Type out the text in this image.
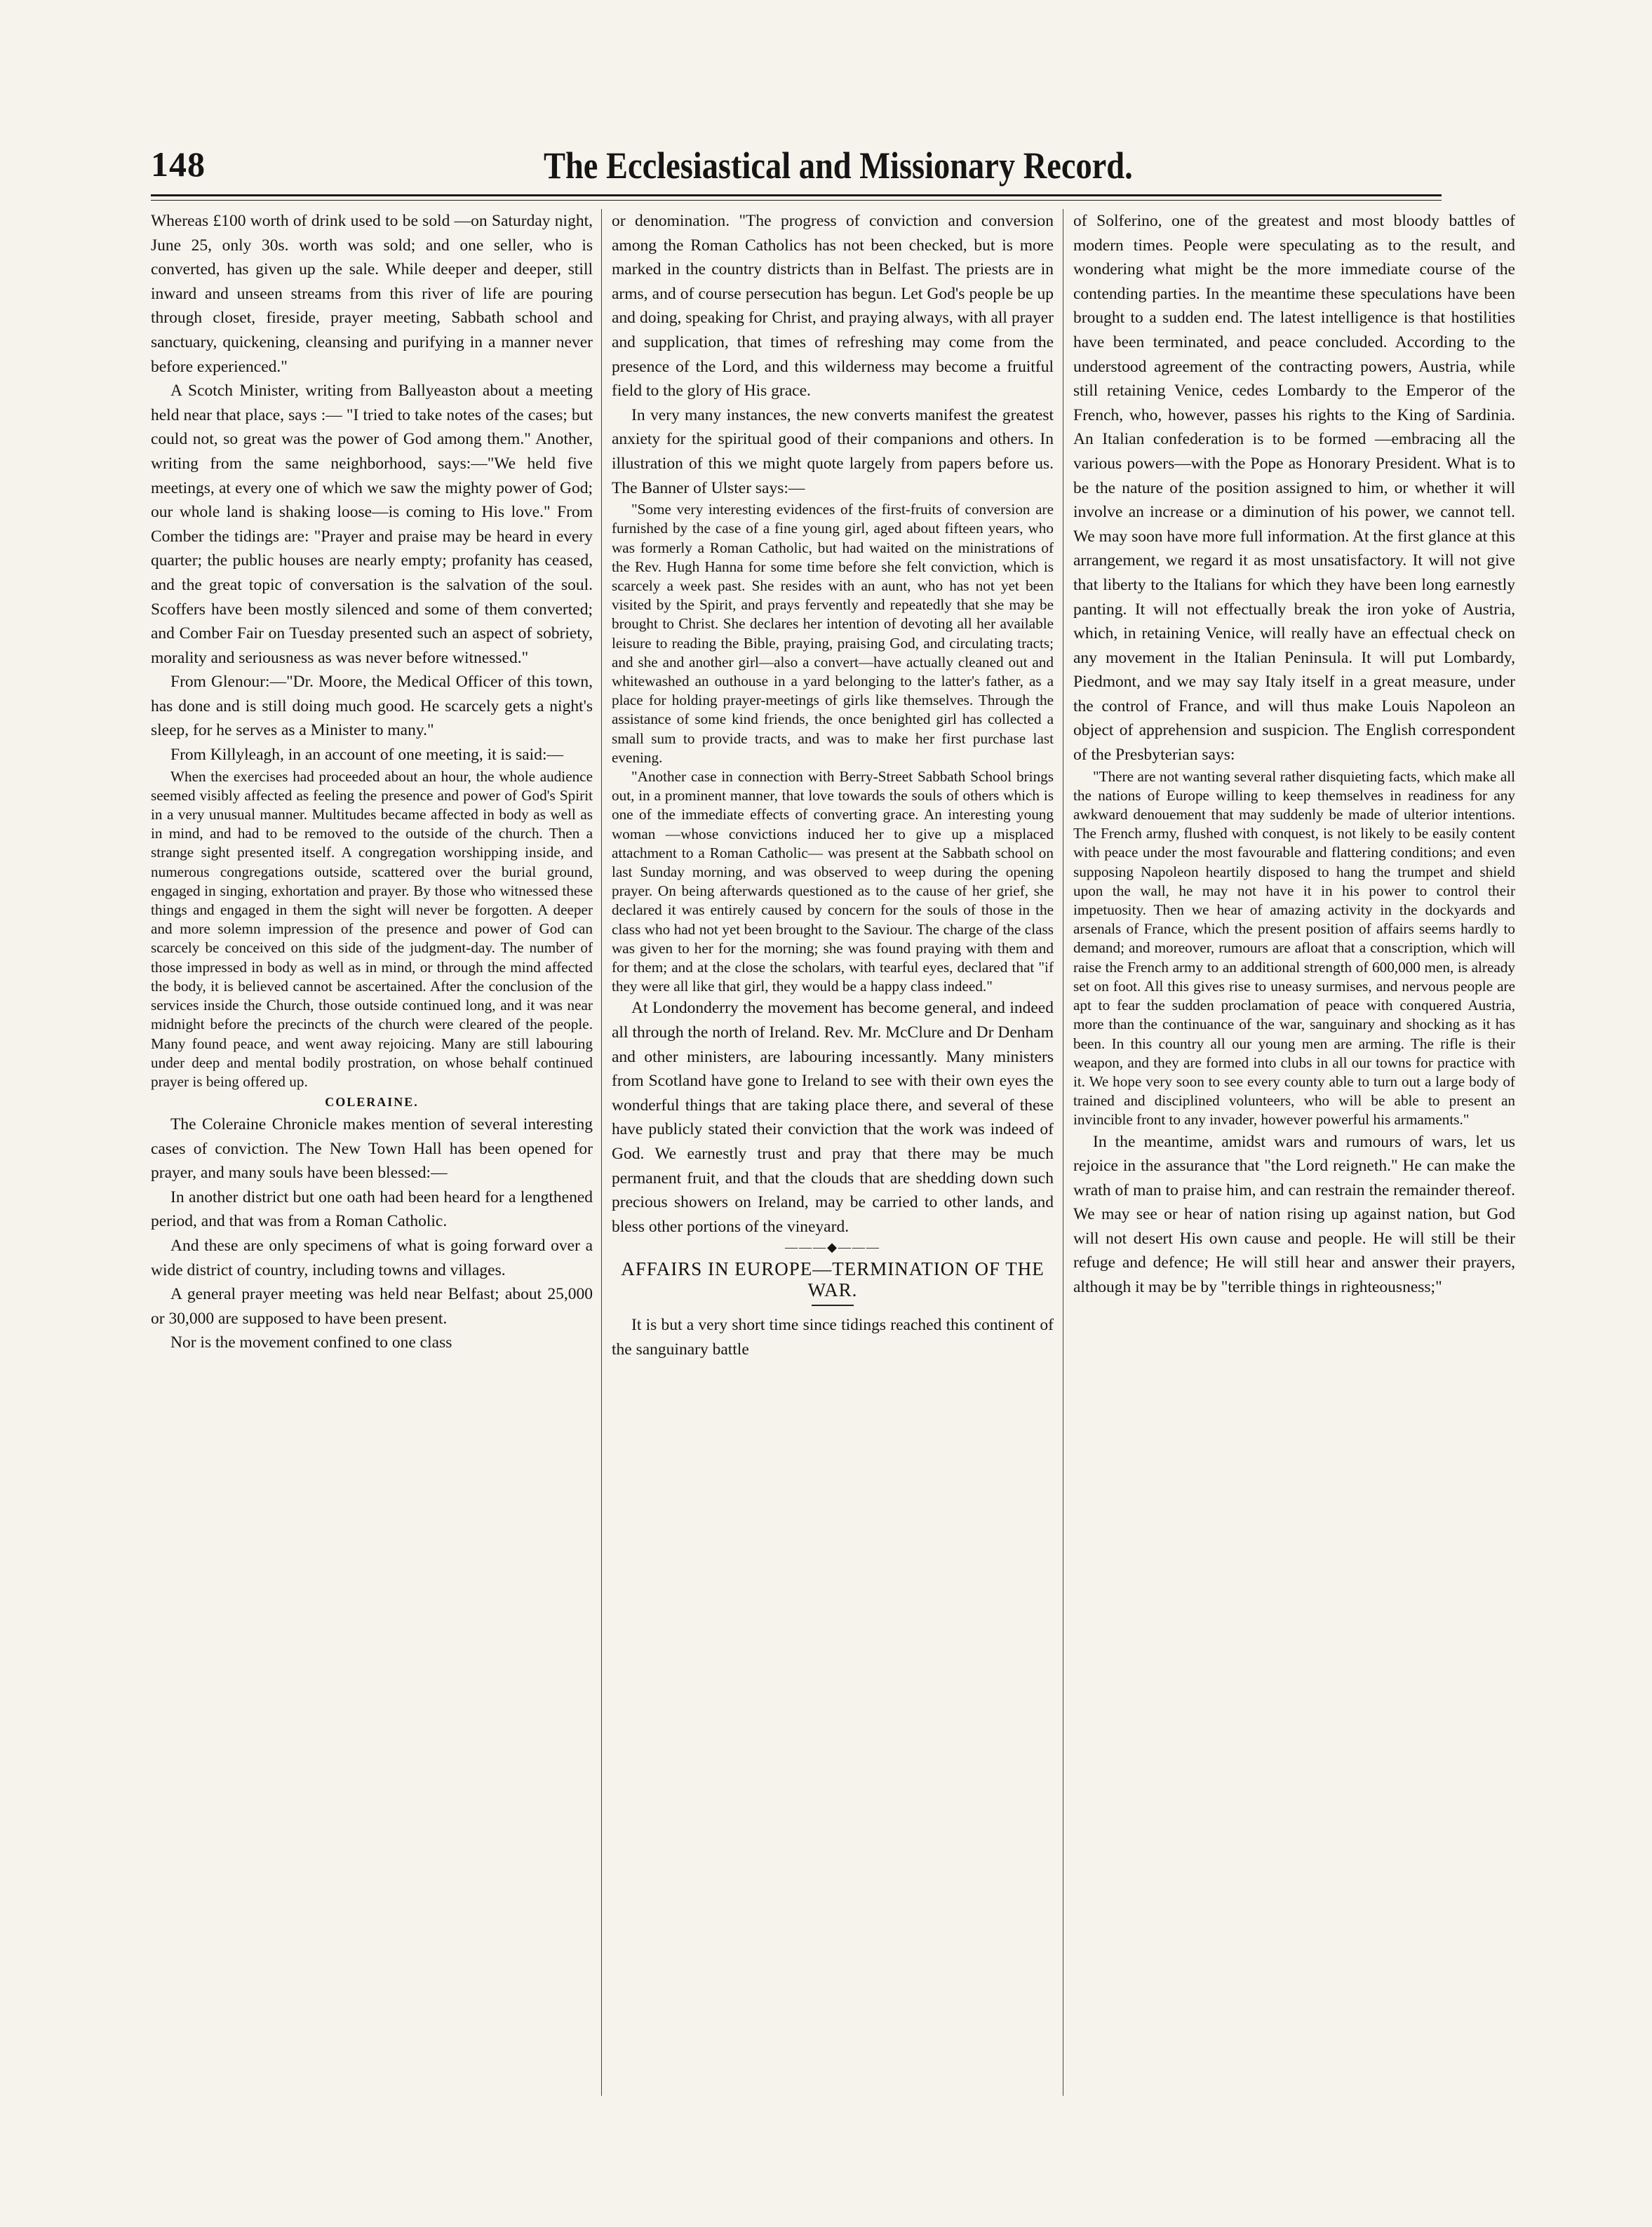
148	The Ecclesiastical and Missionary Record.

Whereas £100 worth of drink used to be sold —on Saturday night, June 25, only 30s. worth was sold; and one seller, who is converted, has given up the sale. While deeper and deeper, still inward and unseen streams from this river of life are pouring through closet, fireside, prayer meeting, Sabbath school and sanctuary, quickening, cleansing and purifying in a manner never before experienced."

A Scotch Minister, writing from Ballyeaston about a meeting held near that place, says :— "I tried to take notes of the cases; but could not, so great was the power of God among them." Another, writing from the same neighborhood, says:—"We held five meetings, at every one of which we saw the mighty power of God; our whole land is shaking loose—is coming to His love." From Comber the tidings are: "Prayer and praise may be heard in every quarter; the public houses are nearly empty; profanity has ceased, and the great topic of conversation is the salvation of the soul. Scoffers have been mostly silenced and some of them converted; and Comber Fair on Tuesday presented such an aspect of sobriety, morality and seriousness as was never before witnessed."

From Glenour:—"Dr. Moore, the Medical Officer of this town, has done and is still doing much good. He scarcely gets a night's sleep, for he serves as a Minister to many."

From Killyleagh, in an account of one meeting, it is said:—

When the exercises had proceeded about an hour, the whole audience seemed visibly affected as feeling the presence and power of God's Spirit in a very unusual manner. Multitudes became affected in body as well as in mind, and had to be removed to the outside of the church. Then a strange sight presented itself. A congregation worshipping inside, and numerous congregations outside, scattered over the burial ground, engaged in singing, exhortation and prayer. By those who witnessed these things and engaged in them the sight will never be forgotten. A deeper and more solemn impression of the presence and power of God can scarcely be conceived on this side of the judgment-day. The number of those impressed in body as well as in mind, or through the mind affected the body, it is believed cannot be ascertained. After the conclusion of the services inside the Church, those outside continued long, and it was near midnight before the precincts of the church were cleared of the people. Many found peace, and went away rejoicing. Many are still labouring under deep and mental bodily prostration, on whose behalf continued prayer is being offered up.

COLERAINE.

The Coleraine Chronicle makes mention of several interesting cases of conviction. The New Town Hall has been opened for prayer, and many souls have been blessed:—

In another district but one oath had been heard for a lengthened period, and that was from a Roman Catholic.

And these are only specimens of what is going forward over a wide district of country, including towns and villages.

A general prayer meeting was held near Belfast; about 25,000 or 30,000 are supposed to have been present.

Nor is the movement confined to one class

or denomination. "The progress of conviction and conversion among the Roman Catholics has not been checked, but is more marked in the country districts than in Belfast. The priests are in arms, and of course persecution has begun. Let God's people be up and doing, speaking for Christ, and praying always, with all prayer and supplication, that times of refreshing may come from the presence of the Lord, and this wilderness may become a fruitful field to the glory of His grace.

In very many instances, the new converts manifest the greatest anxiety for the spiritual good of their companions and others. In illustration of this we might quote largely from papers before us. The Banner of Ulster says:—

"Some very interesting evidences of the first-fruits of conversion are furnished by the case of a fine young girl, aged about fifteen years, who was formerly a Roman Catholic, but had waited on the ministrations of the Rev. Hugh Hanna for some time before she felt conviction, which is scarcely a week past. She resides with an aunt, who has not yet been visited by the Spirit, and prays fervently and repeatedly that she may be brought to Christ. She declares her intention of devoting all her available leisure to reading the Bible, praying, praising God, and circulating tracts; and she and another girl—also a convert—have actually cleaned out and whitewashed an outhouse in a yard belonging to the latter's father, as a place for holding prayer-meetings of girls like themselves. Through the assistance of some kind friends, the once benighted girl has collected a small sum to provide tracts, and was to make her first purchase last evening.

"Another case in connection with Berry-Street Sabbath School brings out, in a prominent manner, that love towards the souls of others which is one of the immediate effects of converting grace. An interesting young woman —whose convictions induced her to give up a misplaced attachment to a Roman Catholic— was present at the Sabbath school on last Sunday morning, and was observed to weep during the opening prayer. On being afterwards questioned as to the cause of her grief, she declared it was entirely caused by concern for the souls of those in the class who had not yet been brought to the Saviour. The charge of the class was given to her for the morning; she was found praying with them and for them; and at the close the scholars, with tearful eyes, declared that "if they were all like that girl, they would be a happy class indeed."

At Londonderry the movement has become general, and indeed all through the north of Ireland. Rev. Mr. McClure and Dr Denham and other ministers, are labouring incessantly. Many ministers from Scotland have gone to Ireland to see with their own eyes the wonderful things that are taking place there, and several of these have publicly stated their conviction that the work was indeed of God. We earnestly trust and pray that there may be much permanent fruit, and that the clouds that are shedding down such precious showers on Ireland, may be carried to other lands, and bless other portions of the vineyard.

———◆———
AFFAIRS IN EUROPE—TERMINATION OF THE WAR.

It is but a very short time since tidings reached this continent of the sanguinary battle

of Solferino, one of the greatest and most bloody battles of modern times. People were speculating as to the result, and wondering what might be the more immediate course of the contending parties. In the meantime these speculations have been brought to a sudden end. The latest intelligence is that hostilities have been terminated, and peace concluded. According to the understood agreement of the contracting powers, Austria, while still retaining Venice, cedes Lombardy to the Emperor of the French, who, however, passes his rights to the King of Sardinia. An Italian confederation is to be formed —embracing all the various powers—with the Pope as Honorary President. What is to be the nature of the position assigned to him, or whether it will involve an increase or a diminution of his power, we cannot tell. We may soon have more full information. At the first glance at this arrangement, we regard it as most unsatisfactory. It will not give that liberty to the Italians for which they have been long earnestly panting. It will not effectually break the iron yoke of Austria, which, in retaining Venice, will really have an effectual check on any movement in the Italian Peninsula. It will put Lombardy, Piedmont, and we may say Italy itself in a great measure, under the control of France, and will thus make Louis Napoleon an object of apprehension and suspicion. The English correspondent of the Presbyterian says:

"There are not wanting several rather disquieting facts, which make all the nations of Europe willing to keep themselves in readiness for any awkward denouement that may suddenly be made of ulterior intentions. The French army, flushed with conquest, is not likely to be easily content with peace under the most favourable and flattering conditions; and even supposing Napoleon heartily disposed to hang the trumpet and shield upon the wall, he may not have it in his power to control their impetuosity. Then we hear of amazing activity in the dockyards and arsenals of France, which the present position of affairs seems hardly to demand; and moreover, rumours are afloat that a conscription, which will raise the French army to an additional strength of 600,000 men, is already set on foot. All this gives rise to uneasy surmises, and nervous people are apt to fear the sudden proclamation of peace with conquered Austria, more than the continuance of the war, sanguinary and shocking as it has been. In this country all our young men are arming. The rifle is their weapon, and they are formed into clubs in all our towns for practice with it. We hope very soon to see every county able to turn out a large body of trained and disciplined volunteers, who will be able to present an invincible front to any invader, however powerful his armaments."

In the meantime, amidst wars and rumours of wars, let us rejoice in the assurance that "the Lord reigneth." He can make the wrath of man to praise him, and can restrain the remainder thereof. We may see or hear of nation rising up against nation, but God will not desert His own cause and people. He will still be their refuge and defence; He will still hear and answer their prayers, although it may be by "terrible things in righteousness;"
